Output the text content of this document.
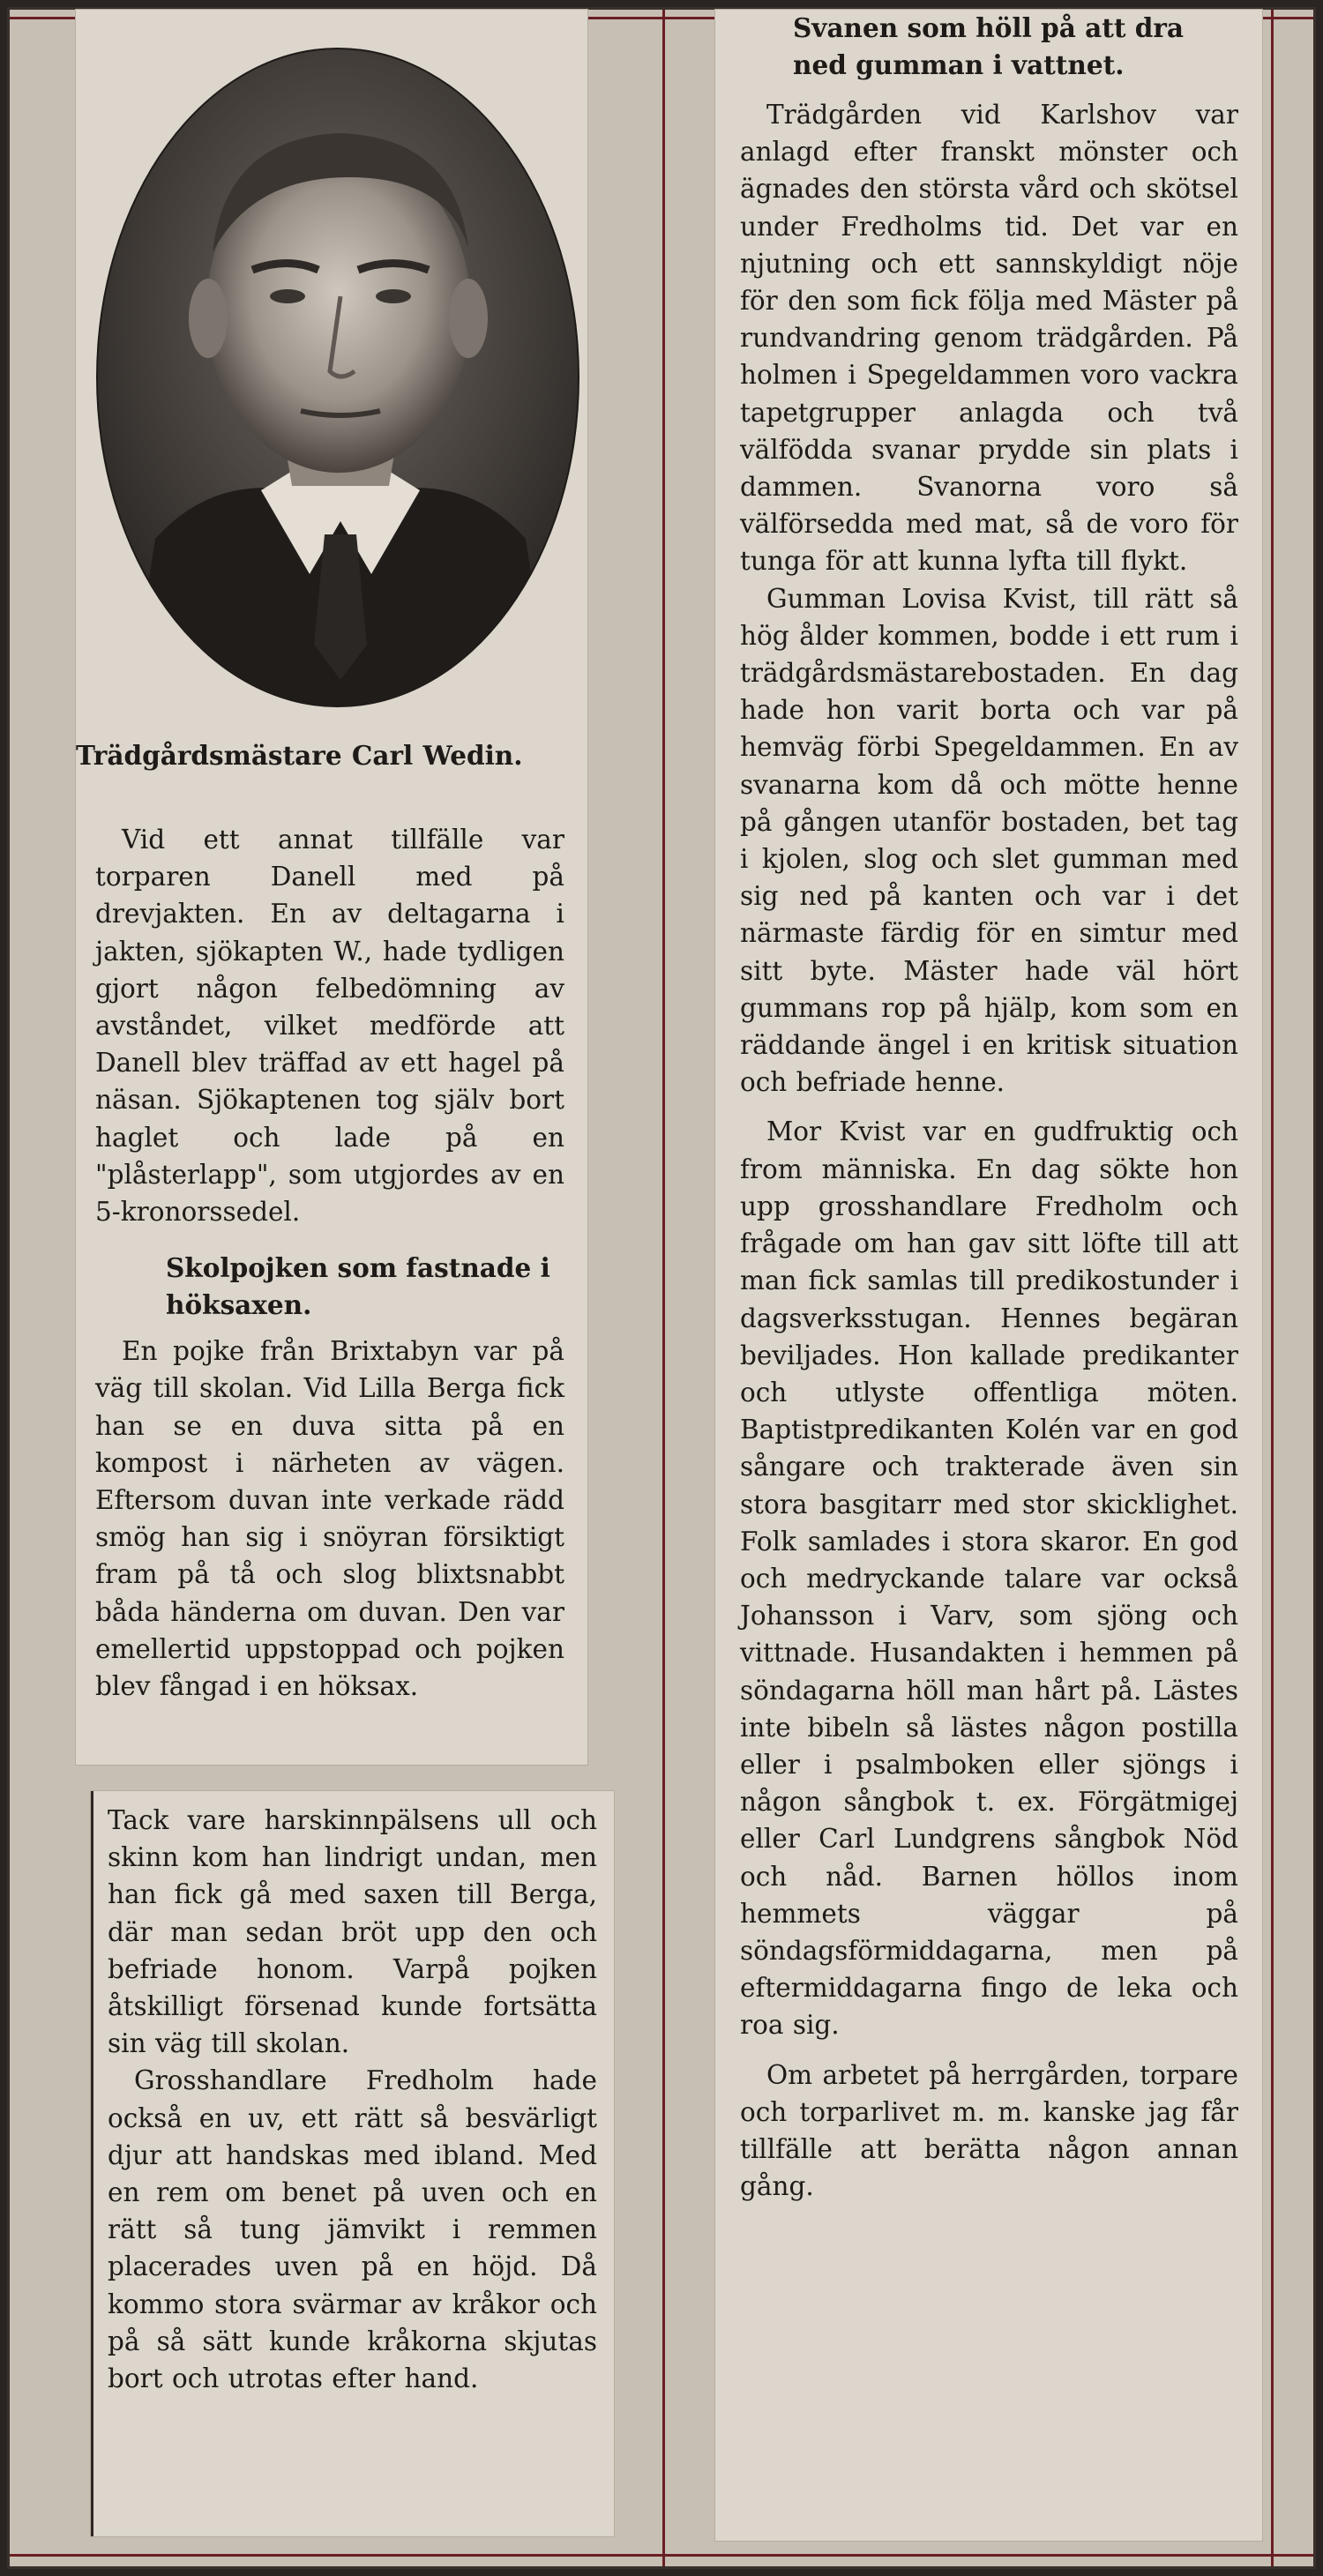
Trädgårdsmästare Carl Wedin.

Vid ett annat tillfälle var torparen Danell med på drevjakten. En av deltagarna i jakten, sjökapten W., hade tydligen gjort någon felbedömning av avståndet, vilket medförde att Danell blev träffad av ett hagel på näsan. Sjökaptenen tog själv bort haglet och lade på en "plåsterlapp", som utgjordes av en 5-kronorssedel.

Skolpojken som fastnade i höksaxen.

En pojke från Brixtabyn var på väg till skolan. Vid Lilla Berga fick han se en duva sitta på en kompost i närheten av vägen. Eftersom duvan inte verkade rädd smög han sig i snöyran försiktigt fram på tå och slog blixtsnabbt båda händerna om duvan. Den var emellertid uppstoppad och pojken blev fångad i en höksax.

Tack vare harskinnpälsens ull och skinn kom han lindrigt undan, men han fick gå med saxen till Berga, där man sedan bröt upp den och befriade honom. Varpå pojken åtskilligt försenad kunde fortsätta sin väg till skolan.

Grosshandlare Fredholm hade också en uv, ett rätt så besvärligt djur att handskas med ibland. Med en rem om benet på uven och en rätt så tung jämvikt i remmen placerades uven på en höjd. Då kommo stora svärmar av kråkor och på så sätt kunde kråkorna skjutas bort och utrotas efter hand.

Svanen som höll på att dra ned gumman i vattnet.

Trädgården vid Karlshov var anlagd efter franskt mönster och ägnades den största vård och skötsel under Fredholms tid. Det var en njutning och ett sannskyldigt nöje för den som fick följa med Mäster på rundvandring genom trädgården. På holmen i Spegeldammen voro vackra tapetgrupper anlagda och två välfödda svanar prydde sin plats i dammen. Svanorna voro så välförsedda med mat, så de voro för tunga för att kunna lyfta till flykt.

Gumman Lovisa Kvist, till rätt så hög ålder kommen, bodde i ett rum i trädgårdsmästarebostaden. En dag hade hon varit borta och var på hemväg förbi Spegeldammen. En av svanarna kom då och mötte henne på gången utanför bostaden, bet tag i kjolen, slog och slet gumman med sig ned på kanten och var i det närmaste färdig för en simtur med sitt byte. Mäster hade väl hört gummans rop på hjälp, kom som en räddande ängel i en kritisk situation och befriade henne.

Mor Kvist var en gudfruktig och from människa. En dag sökte hon upp grosshandlare Fredholm och frågade om han gav sitt löfte till att man fick samlas till predikostunder i dagsverksstugan. Hennes begäran beviljades. Hon kallade predikanter och utlyste offentliga möten. Baptistpredikanten Kolén var en god sångare och trakterade även sin stora basgitarr med stor skicklighet. Folk samlades i stora skaror. En god och medryckande talare var också Johansson i Varv, som sjöng och vittnade. Husandakten i hemmen på söndagarna höll man hårt på. Lästes inte bibeln så lästes någon postilla eller i psalmboken eller sjöngs i någon sångbok t. ex. Förgätmigej eller Carl Lundgrens sångbok Nöd och nåd. Barnen höllos inom hemmets väggar på söndagsförmiddagarna, men på eftermiddagarna fingo de leka och roa sig.

Om arbetet på herrgården, torpare och torparlivet m. m. kanske jag får tillfälle att berätta någon annan gång.
